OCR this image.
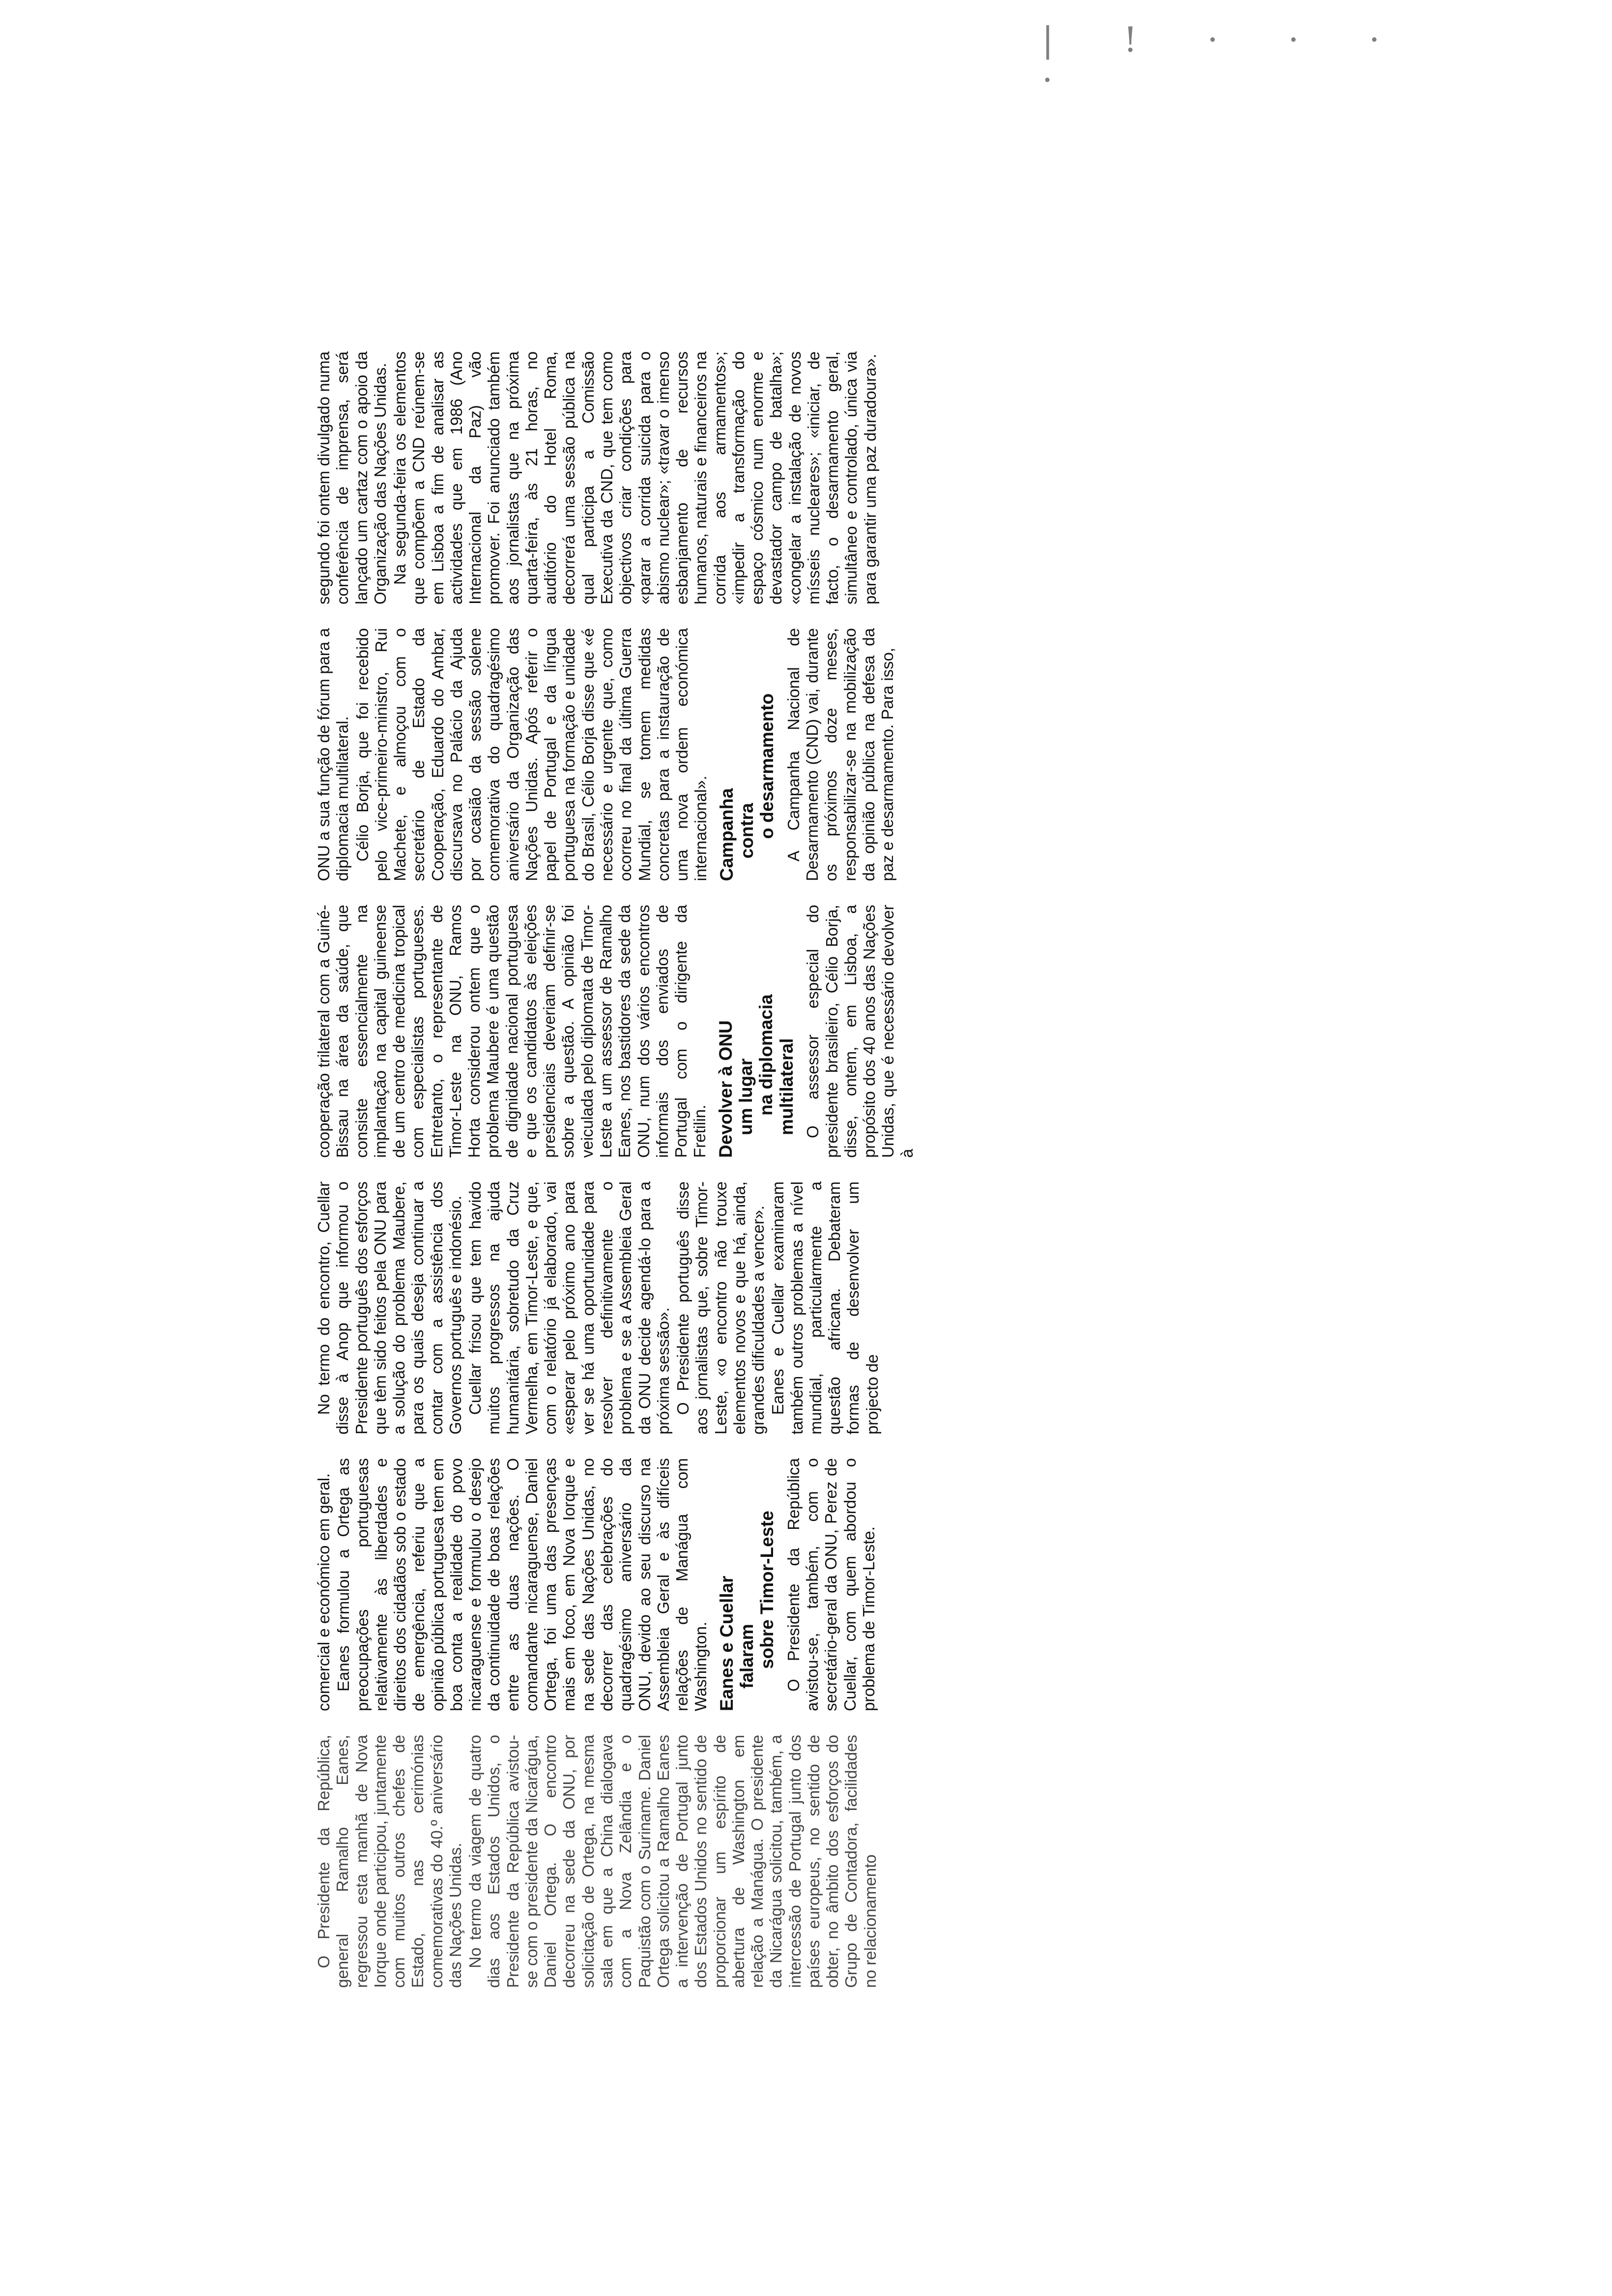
| ! · · · ·

O Presidente da República, general Ramalho Eanes, regressou esta manhã de Nova Iorque onde participou, juntamente com muitos outros chefes de Estado, nas cerimónias comemorativas do 40.º aniversário das Nações Unidas. No termo da viagem de quatro dias aos Estados Unidos, o Presidente da República avistou-se com o presidente da Nicarágua, Daniel Ortega. O encontro decorreu na sede da ONU, por solicitação de Ortega, na mesma sala em que a China dialogava com a Nova Zelândia e o Paquistão com o Suriname. Daniel Ortega solicitou a Ramalho Eanes a intervenção de Portugal junto dos Estados Unidos no sentido de proporcionar um espírito de abertura de Washington em relação a Manágua. O presidente da Nicarágua solicitou, também, a intercessão de Portugal junto dos países europeus, no sentido de obter, no âmbito dos esforços do Grupo de Contadora, facilidades no relacionamento

comercial e económico em geral. Eanes formulou a Ortega as preocupações portuguesas relativamente às liberdades e direitos dos cidadãos sob o estado de emergência, referiu que a opinião pública portuguesa tem em boa conta a realidade do povo nicaraguense e formulou o desejo da continuidade de boas relações entre as duas nações. O comandante nicaraguense, Daniel Ortega, foi uma das presenças mais em foco, em Nova Iorque e na sede das Nações Unidas, no decorrer das celebrações do quadragésimo aniversário da ONU, devido ao seu discurso na Assembleia Geral e às difíceis relações de Manágua com Washington. Eanes e Cuellar falaram sobre Timor-Leste O Presidente da República avistou-se, também, com o secretário-geral da ONU, Perez de Cuellar, com quem abordou o problema de Timor-Leste.

No termo do encontro, Cuellar disse à Anop que informou o Presidente português dos esforços que têm sido feitos pela ONU para a solução do problema Maubere, para os quais deseja continuar a contar com a assistência dos Governos português e indonésio. Cuellar frisou que tem havido muitos progressos na ajuda humanitária, sobretudo da Cruz Vermelha, em Timor-Leste, e que, com o relatório já elaborado, vai «esperar pelo próximo ano para ver se há uma oportunidade para resolver definitivamente o problema e se a Assembleia Geral da ONU decide agendá-lo para a próxima sessão». O Presidente português disse aos jornalistas que, sobre Timor-Leste, «o encontro não trouxe elementos novos e que há, ainda, grandes dificuldades a vencer». Eanes e Cuellar examinaram também outros problemas a nível mundial, particularmente a questão africana. Debateram formas de desenvolver um projecto de

cooperação trilateral com a Guiné-Bissau na área da saúde, que consiste essencialmente na implantação na capital guineense de um centro de medicina tropical com especialistas portugueses. Entretanto, o representante de Timor-Leste na ONU, Ramos Horta considerou ontem que o problema Maubere é uma questão de dignidade nacional portuguesa e que os candidatos às eleições presidenciais deveriam definir-se sobre a questão. A opinião foi veiculada pelo diplomata de Timor-Leste a um assessor de Ramalho Eanes, nos bastidores da sede da ONU, num dos vários encontros informais dos enviados de Portugal com o dirigente da Fretilin. Devolver à ONU um lugar na diplomacia multilateral O assessor especial do presidente brasileiro, Célio Borja, disse, ontem, em Lisboa, a propósito dos 40 anos das Nações Unidas, que é necessário devolver à

ONU a sua função de fórum para a diplomacia multilateral. Célio Borja, que foi recebido pelo vice-primeiro-ministro, Rui Machete, e almoçou com o secretário de Estado da Cooperação, Eduardo do Ambar, discursava no Palácio da Ajuda por ocasião da sessão solene comemorativa do quadragésimo aniversário da Organização das Nações Unidas. Após referir o papel de Portugal e da língua portuguesa na formação e unidade do Brasil, Célio Borja disse que «é necessário e urgente que, como ocorreu no final da última Guerra Mundial, se tomem medidas concretas para a instauração de uma nova ordem económica internacional». Campanha contra o desarmamento A Campanha Nacional de Desarmamento (CND) vai, durante os próximos doze meses, responsabilizar-se na mobilização da opinião pública na defesa da paz e desarmamento. Para isso,

segundo foi ontem divulgado numa conferência de imprensa, será lançado um cartaz com o apoio da Organização das Nações Unidas. Na segunda-feira os elementos que compõem a CND reúnem-se em Lisboa a fim de analisar as actividades que em 1986 (Ano Internacional da Paz) vão promover. Foi anunciado também aos jornalistas que na próxima quarta-feira, às 21 horas, no auditório do Hotel Roma, decorrerá uma sessão pública na qual participa a Comissão Executiva da CND, que tem como objectivos criar condições para «parar a corrida suicida para o abismo nuclear»; «travar o imenso esbanjamento de recursos humanos, naturais e financeiros na corrida aos armamentos»; «impedir a transformação do espaço cósmico num enorme e devastador campo de batalha»; «congelar a instalação de novos mísseis nucleares»; «iniciar, de facto, o desarmamento geral, simultâneo e controlado, única via para garantir uma paz duradoura».
